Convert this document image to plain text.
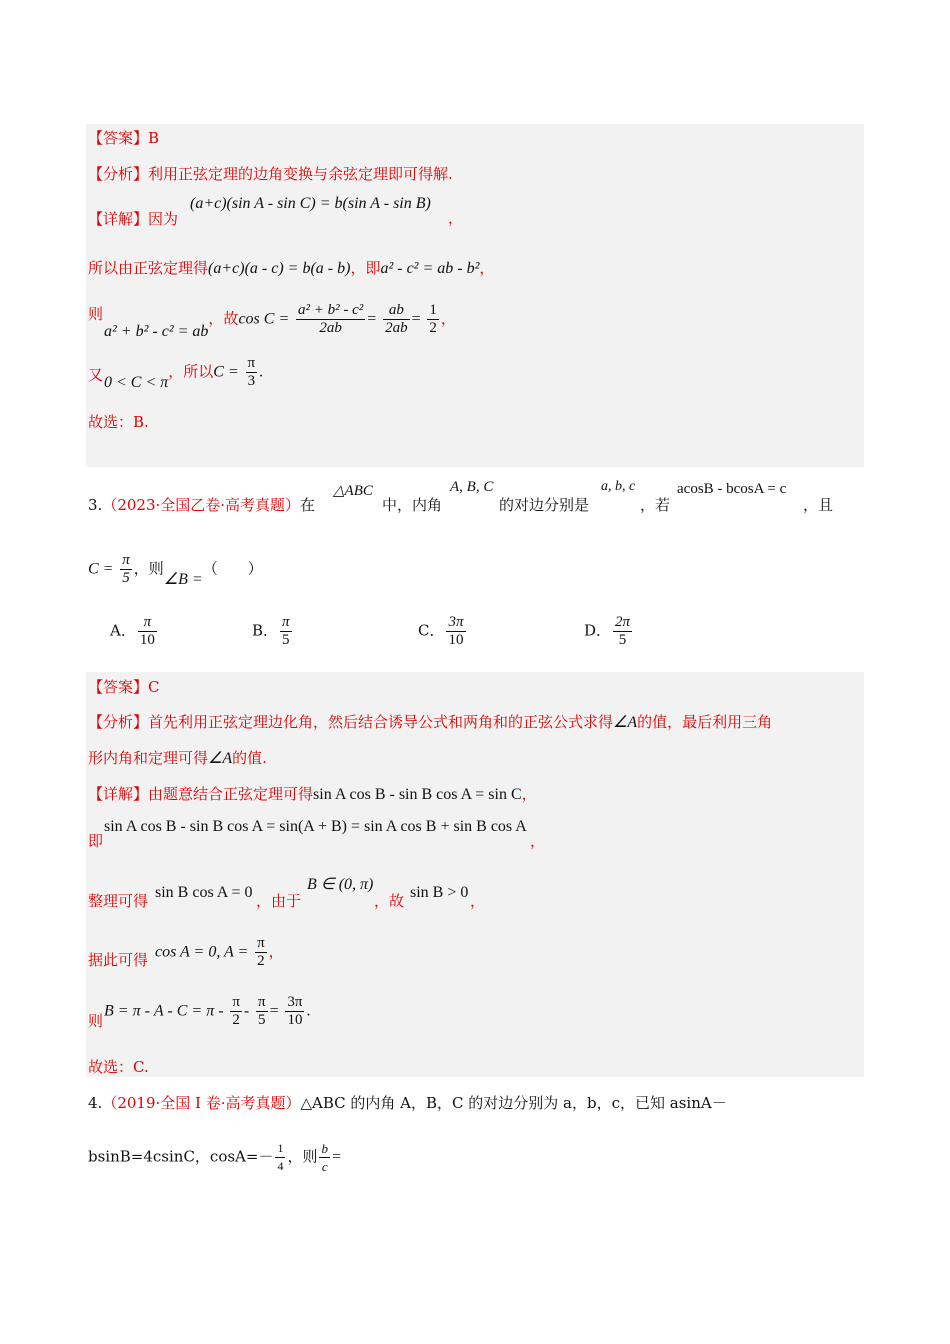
【答案】B
【分析】利用正弦定理的边角变换与余弦定理即可得解.
【详解】因为
(a+c)(sin A - sin C) = b(sin A - sin B)
，
所以由正弦定理得(a+c)(a - c) = b(a - b)，即a² - c² = ab - b²，
则
a² + b² - c² = ab，故$\cos C = \frac{\text{a² + b² - c²}}{2ab} = \frac{ab}{2ab} = \frac{1}{2}$ ，
又 0 < C < π，所以$C = \frac{\pi}{3}$ .
故选：B.
3.（2023·全国乙卷·高考真题）在
△ABC
中，内角
A, B, C
的对边分别是
a, b, c
，若
acosB - bcosA = c
，且
$C = \frac{\pi}{5}$ ，则∠B =（　　）
A． $\frac{\pi}{10}$	B． $\frac{\pi}{5}$	C． $\frac{3\pi}{10}$	D． $\frac{2\pi}{5}$
【答案】C
【分析】首先利用正弦定理边化角，然后结合诱导公式和两角和的正弦公式求得∠A的值，最后利用三角
形内角和定理可得∠A的值.
【详解】由题意结合正弦定理可得sin A cos B - sin B cos A = sin C，
即
sin A cos B - sin B cos A = sin(A + B) = sin A cos B + sin B cos A
，
整理可得 sin B cos A = 0 ，由于
B ∈ (0, π)
，故 sin B > 0 ，
据此可得 cos A = 0, $A = \frac{\pi}{2}$ ，
则
$B = \pi - A - C = \pi - \frac{\pi}{2} - \frac{\pi}{5} = \frac{3\pi}{10}$ .
故选：C.
4.（2019·全国 I 卷·高考真题）△ABC 的内角 A，B，C 的对边分别为 a，b，c，已知 asinA－
bsinB=4csinC，$\cos A=- \frac{1}{4}$ ，则 $\frac{b}{c}$ =
